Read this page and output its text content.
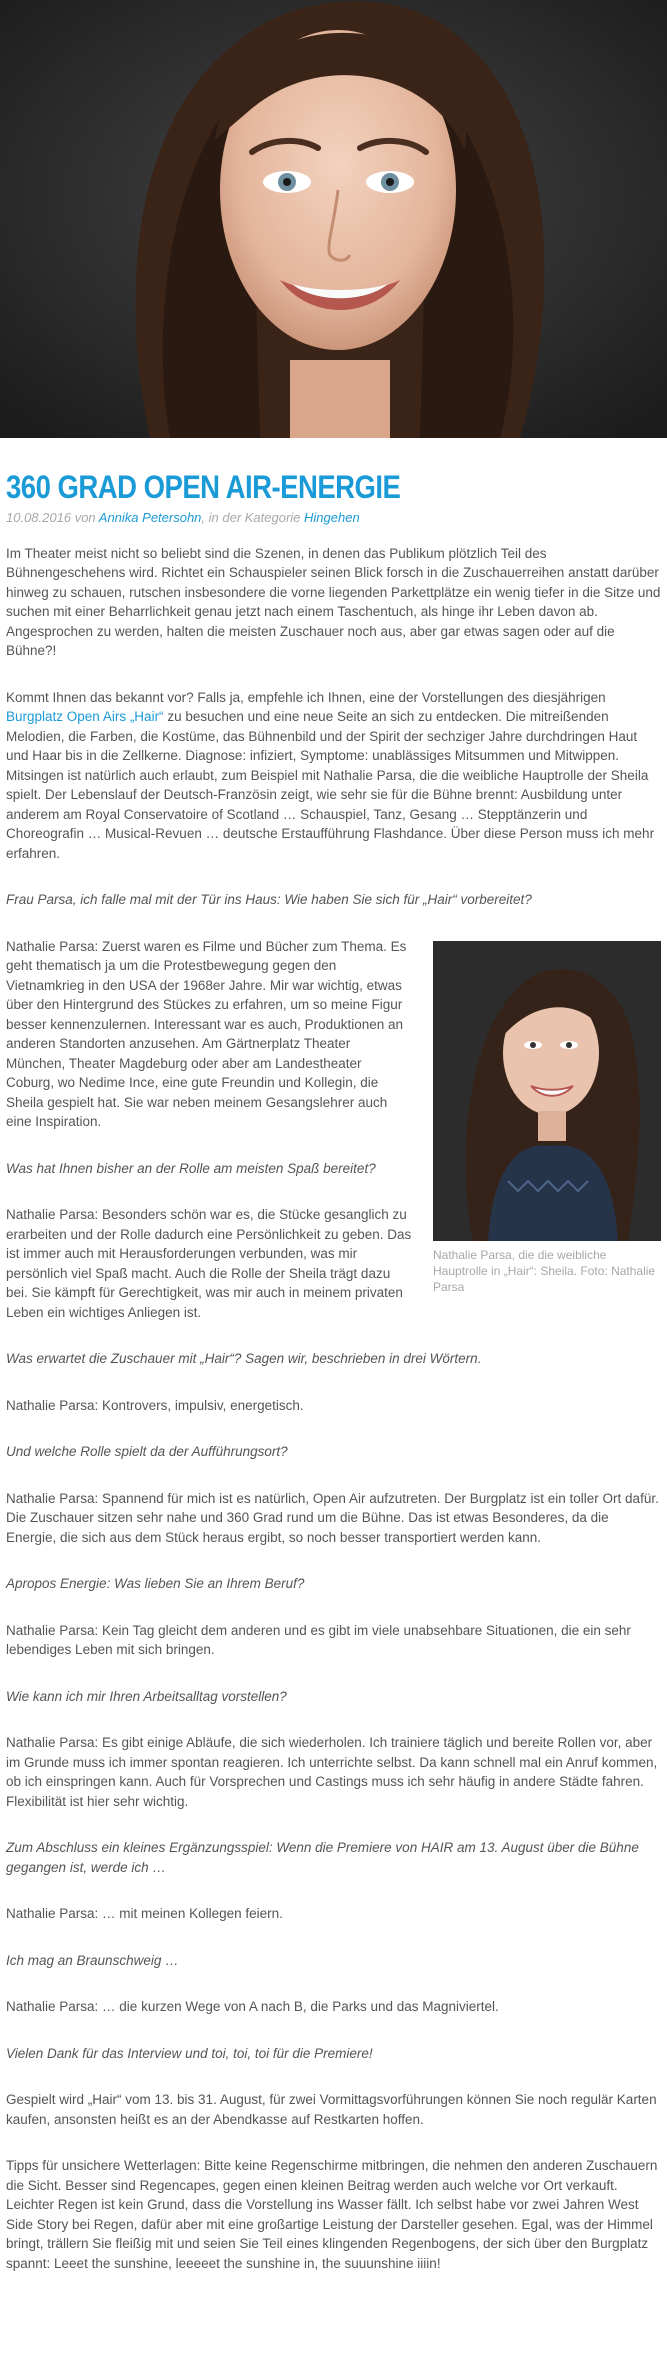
360 GRAD OPEN AIR-ENERGIE
10.08.2016 von Annika Petersohn, in der Kategorie Hingehen

Im Theater meist nicht so beliebt sind die Szenen, in denen das Publikum plötzlich Teil des Bühnengeschehens wird. Richtet ein Schauspieler seinen Blick forsch in die Zuschauerreihen anstatt darüber hinweg zu schauen, rutschen insbesondere die vorne liegenden Parkettplätze ein wenig tiefer in die Sitze und suchen mit einer Beharrlichkeit genau jetzt nach einem Taschentuch, als hinge ihr Leben davon ab. Angesprochen zu werden, halten die meisten Zuschauer noch aus, aber gar etwas sagen oder auf die Bühne?!

Kommt Ihnen das bekannt vor? Falls ja, empfehle ich Ihnen, eine der Vorstellungen des diesjährigen Burgplatz Open Airs „Hair“ zu besuchen und eine neue Seite an sich zu entdecken. Die mitreißenden Melodien, die Farben, die Kostüme, das Bühnenbild und der Spirit der sechziger Jahre durchdringen Haut und Haar bis in die Zellkerne. Diagnose: infiziert, Symptome: unablässiges Mitsummen und Mitwippen. Mitsingen ist natürlich auch erlaubt, zum Beispiel mit Nathalie Parsa, die die weibliche Hauptrolle der Sheila spielt. Der Lebenslauf der Deutsch-Französin zeigt, wie sehr sie für die Bühne brennt: Ausbildung unter anderem am Royal Conservatoire of Scotland … Schauspiel, Tanz, Gesang … Stepptänzerin und Choreografin … Musical-Revuen … deutsche Erstaufführung Flashdance. Über diese Person muss ich mehr erfahren.

Frau Parsa, ich falle mal mit der Tür ins Haus: Wie haben Sie sich für „Hair“ vorbereitet?

Nathalie Parsa, die die weibliche Hauptrolle in „Hair“: Sheila. Foto: Nathalie Parsa

Nathalie Parsa: Zuerst waren es Filme und Bücher zum Thema. Es geht thematisch ja um die Protestbewegung gegen den Vietnamkrieg in den USA der 1968er Jahre. Mir war wichtig, etwas über den Hintergrund des Stückes zu erfahren, um so meine Figur besser kennenzulernen. Interessant war es auch, Produktionen an anderen Standorten anzusehen. Am Gärtnerplatz Theater München, Theater Magdeburg oder aber am Landestheater Coburg, wo Nedime Ince, eine gute Freundin und Kollegin, die Sheila gespielt hat. Sie war neben meinem Gesangslehrer auch eine Inspiration.

Was hat Ihnen bisher an der Rolle am meisten Spaß bereitet?

Nathalie Parsa: Besonders schön war es, die Stücke gesanglich zu erarbeiten und der Rolle dadurch eine Persönlichkeit zu geben. Das ist immer auch mit Herausforderungen verbunden, was mir persönlich viel Spaß macht. Auch die Rolle der Sheila trägt dazu bei. Sie kämpft für Gerechtigkeit, was mir auch in meinem privaten Leben ein wichtiges Anliegen ist.

Was erwartet die Zuschauer mit „Hair“? Sagen wir, beschrieben in drei Wörtern.

Nathalie Parsa: Kontrovers, impulsiv, energetisch.

Und welche Rolle spielt da der Aufführungsort?

Nathalie Parsa: Spannend für mich ist es natürlich, Open Air aufzutreten. Der Burgplatz ist ein toller Ort dafür. Die Zuschauer sitzen sehr nahe und 360 Grad rund um die Bühne. Das ist etwas Besonderes, da die Energie, die sich aus dem Stück heraus ergibt, so noch besser transportiert werden kann.

Apropos Energie: Was lieben Sie an Ihrem Beruf?

Nathalie Parsa: Kein Tag gleicht dem anderen und es gibt im viele unabsehbare Situationen, die ein sehr lebendiges Leben mit sich bringen.

Wie kann ich mir Ihren Arbeitsalltag vorstellen?

Nathalie Parsa: Es gibt einige Abläufe, die sich wiederholen. Ich trainiere täglich und bereite Rollen vor, aber im Grunde muss ich immer spontan reagieren. Ich unterrichte selbst. Da kann schnell mal ein Anruf kommen, ob ich einspringen kann. Auch für Vorsprechen und Castings muss ich sehr häufig in andere Städte fahren. Flexibilität ist hier sehr wichtig.

Zum Abschluss ein kleines Ergänzungsspiel: Wenn die Premiere von HAIR am 13. August über die Bühne gegangen ist, werde ich …

Nathalie Parsa: … mit meinen Kollegen feiern.

Ich mag an Braunschweig …

Nathalie Parsa: … die kurzen Wege von A nach B, die Parks und das Magniviertel.

Vielen Dank für das Interview und toi, toi, toi für die Premiere!

Gespielt wird „Hair“ vom 13. bis 31. August, für zwei Vormittagsvorführungen können Sie noch regulär Karten kaufen, ansonsten heißt es an der Abendkasse auf Restkarten hoffen.

Tipps für unsichere Wetterlagen: Bitte keine Regenschirme mitbringen, die nehmen den anderen Zuschauern die Sicht. Besser sind Regencapes, gegen einen kleinen Beitrag werden auch welche vor Ort verkauft. Leichter Regen ist kein Grund, dass die Vorstellung ins Wasser fällt. Ich selbst habe vor zwei Jahren West Side Story bei Regen, dafür aber mit eine großartige Leistung der Darsteller gesehen. Egal, was der Himmel bringt, trällern Sie fleißig mit und seien Sie Teil eines klingenden Regenbogens, der sich über den Burgplatz spannt: Leeet the sunshine, leeeeet the sunshine in, the suuunshine iiiin!
